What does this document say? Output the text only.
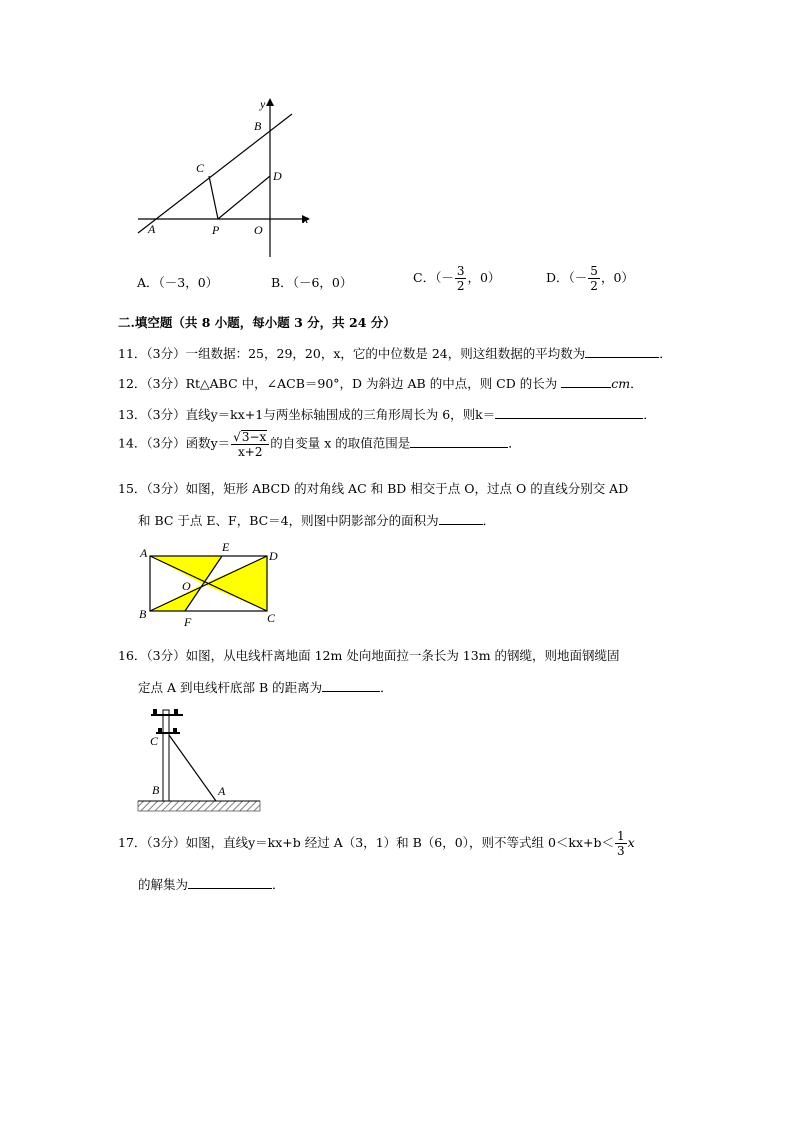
y
x
B
C
D
A	P	O
A．（－3，0）	B．（－6，0）	C．（－ $\frac{3}{2}$ ，0）	D．（－ $\frac{5}{2}$ ，0）
二.填空题（共 8 小题，每小题 3 分，共 24 分）
11．（3分）一组数据：25，29，20，x，它的中位数是 24，则这组数据的平均数为	．
12．（3分）Rt△ABC 中，∠ACB＝90°，D 为斜边 AB 的中点，则 CD 的长为	cm．
13．（3分）直线y＝kx+1与两坐标轴围成的三角形周长为 6，则k＝	．
14．（3分）函数$y= \frac{√3-x}{x+2}$ 的自变量 x 的取值范围是	．
15．（3分）如图，矩形 ABCD 的对角线 AC 和 BD 相交于点 O，过点 O 的直线分别交 AD
和 BC 于点 E、F，BC＝4，则图中阴影部分的面积为	．
A	E
D
O
B
F	C
16．（3分）如图，从电线杆离地面 12m 处向地面拉一条长为 13m 的钢缆，则地面钢缆固
定点 A 到电线杆底部 B 的距离为	．
C
B	A
17．（3分）如图，直线y＝kx+b 经过 A（3，1）和 B（6，0），则不等式组 $0<kx+b< \frac{1}{3}$ x
的解集为	．
